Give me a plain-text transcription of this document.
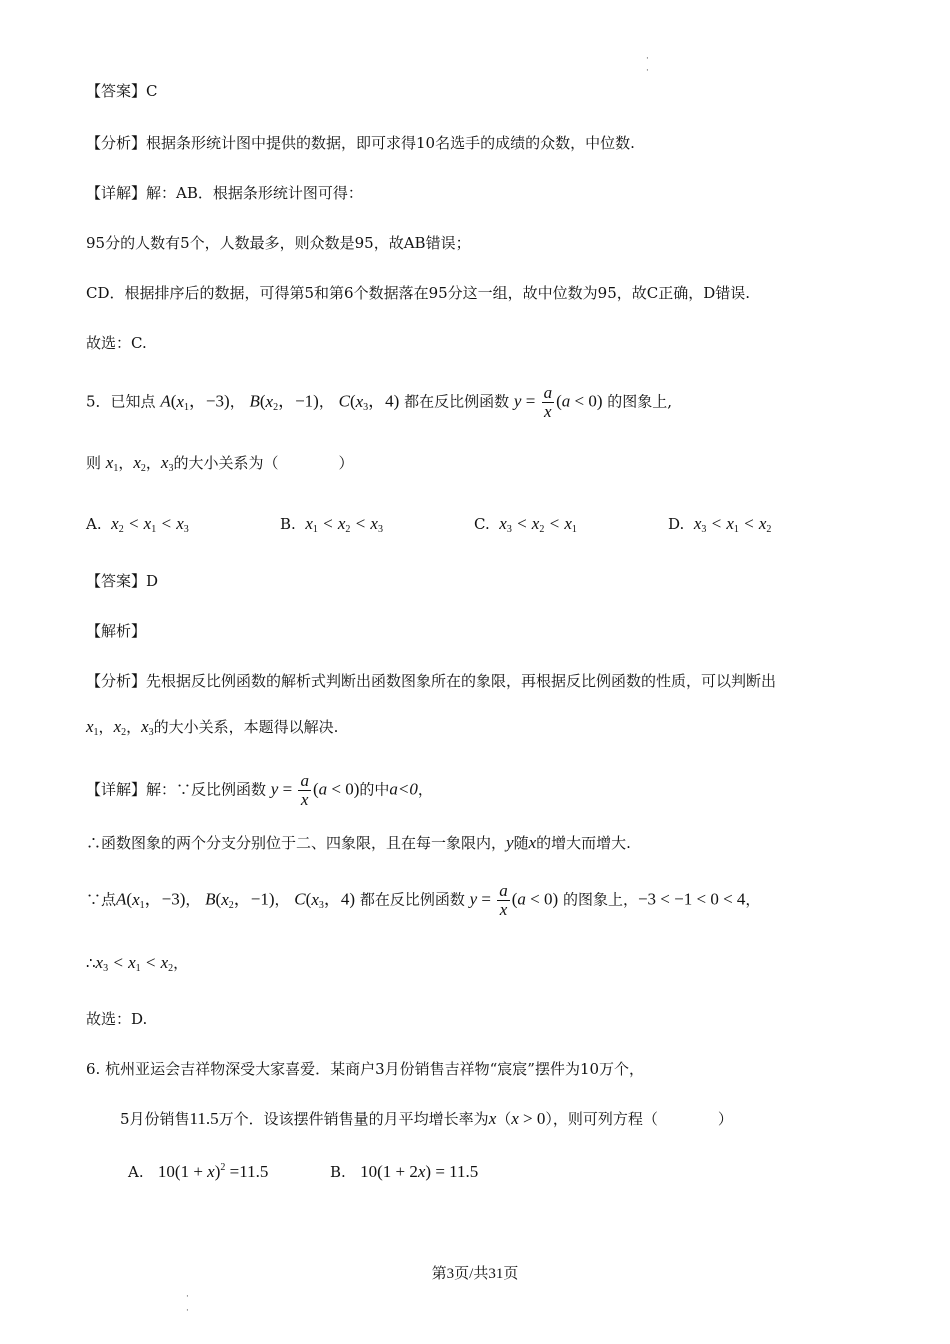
·
·
【答案】C
【分析】根据条形统计图中提供的数据，即可求得10名选手的成绩的众数，中位数.
【详解】解：AB．根据条形统计图可得：
95分的人数有5个，人数最多，则众数是95，故AB错误；
CD．根据排序后的数据，可得第5和第6个数据落在95分这一组，故中位数为95，故C正确，D错误.
故选：C.
5．已知点 $A(x_1$，−3)， $B(x_2$，−1)， $C(x_3$，4) 都在反比例函数 $y = \frac{a}{x} (a < 0)$ 的图象上,
则 $x_1$，$x_2$，$x_3$的大小关系为（　　　　）
A. $x_2 < x_1 < x_3$	B. $x_1 < x_2 < x_3$	C. $x_3 < x_2 < x_1$	D. $x_3 < x_1 < x_2$
【答案】D
【解析】
【分析】先根据反比例函数的解析式判断出函数图象所在的象限，再根据反比例函数的性质，可以判断出
$x_1$，$x_2$，$x_3$的大小关系，本题得以解决.
【详解】解：∵反比例函数 $y = \frac{a}{x} (a < 0)$的中a<0，
∴函数图象的两个分支分别位于二、四象限，且在每一象限内，y随x的增大而增大.
∵点$A(x_1$，−3)， $B(x_2$，−1)， $C(x_3$，4) 都在反比例函数 $y = \frac{a}{x} (a < 0)$ 的图象上，−3 < −1 < 0 < 4，
$\therefore x_3 < x_1 < x_2$，
故选：D.
6. 杭州亚运会吉祥物深受大家喜爱．某商户3月份销售吉祥物“宸宸”摆件为10万个，
5月份销售11.5万个．设该摆件销售量的月平均增长率为x（x > 0），则可列方程（　　　　）
A. $10(1 + x)^2 =11.5$	B. 10(1 + 2x) = 11.5
第3页/共31页
·
·
